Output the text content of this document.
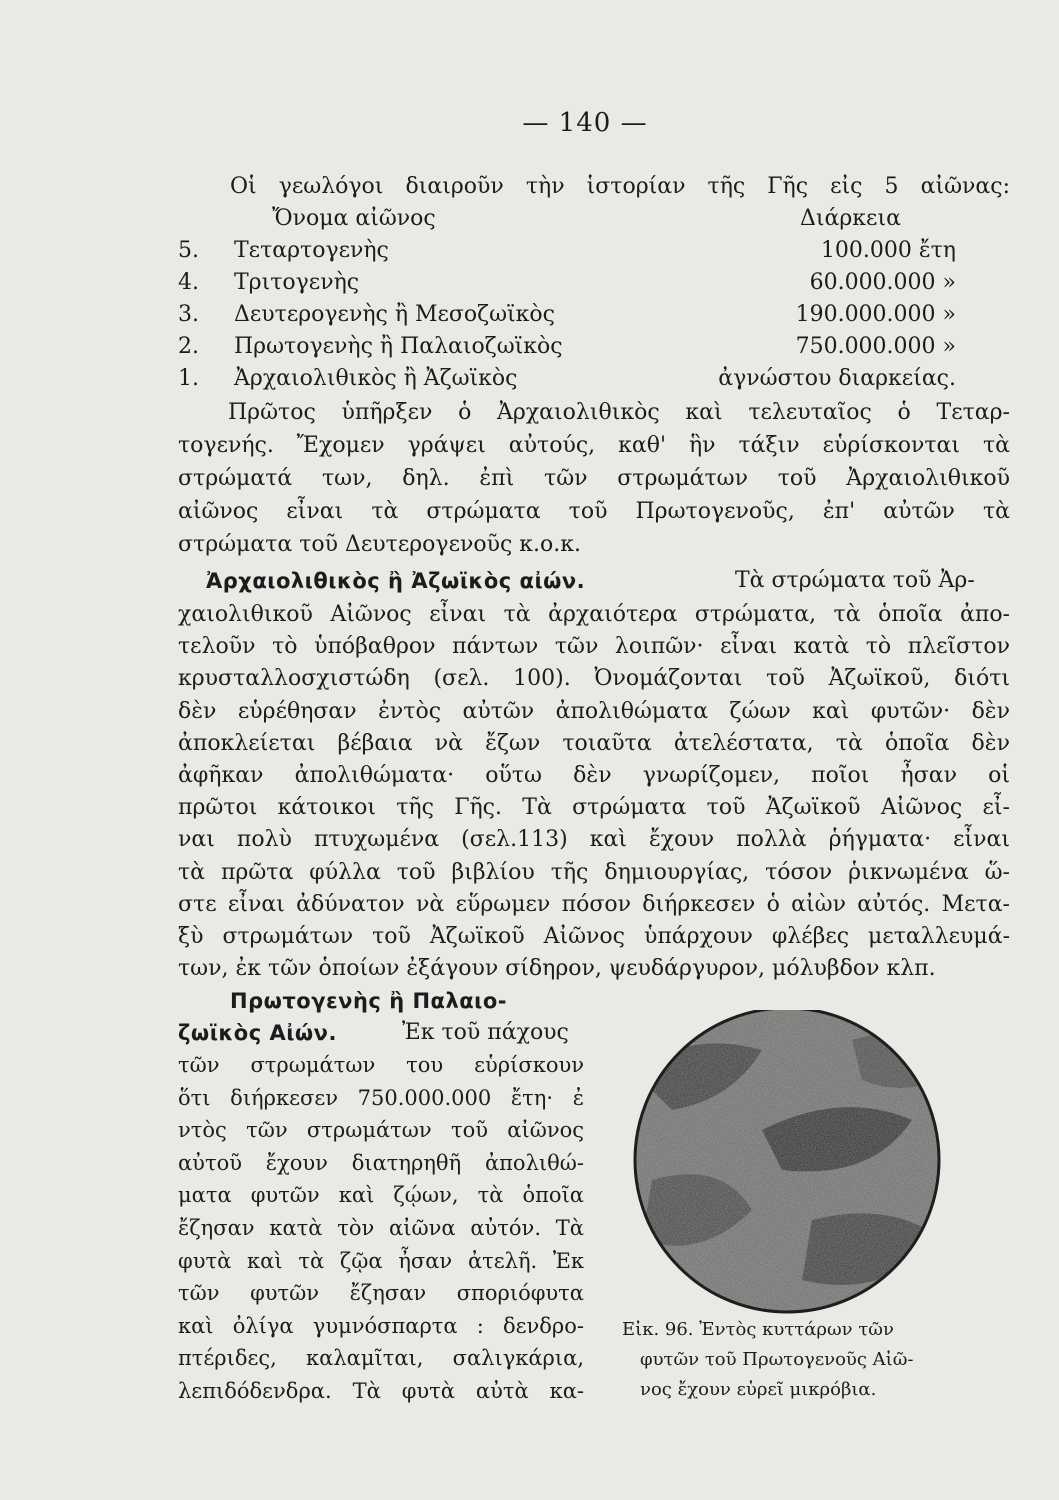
— 140 —
Οἱ γεωλόγοι διαιροῦν τὴν ἱστορίαν τῆς Γῆς εἰς 5 αἰῶνας:
Ὄνομα αἰῶνος	Διάρκεια
5. Τεταρτογενὴς	100.000 ἔτη
4. Τριτογενὴς	60.000.000 »
3. Δευτερογενὴς ἢ Μεσοζωϊκὸς	190.000.000 »
2. Πρωτογενὴς ἢ Παλαιοζωϊκὸς	750.000.000 »
1. Ἀρχαιολιθικὸς ἢ Ἀζωϊκὸς	ἀγνώστου διαρκείας.
Πρῶτος ὑπῆρξεν ὁ Ἀρχαιολιθικὸς καὶ τελευταῖος ὁ Τεταρ-
τογενής. Ἔχομεν γράψει αὐτούς, καθ' ἣν τάξιν εὑρίσκονται τὰ
στρώματά των, δηλ. ἐπὶ τῶν στρωμάτων τοῦ Ἀρχαιολιθικοῦ
αἰῶνος εἶναι τὰ στρώματα τοῦ Πρωτογενοῦς, ἐπ' αὐτῶν τὰ
στρώματα τοῦ Δευτερογενοῦς κ.ο.κ.
Ἀρχαιολιθικὸς ἢ Ἀζωϊκὸς αἰών.	Τὰ στρώματα τοῦ Ἀρ-
χαιολιθικοῦ Αἰῶνος εἶναι τὰ ἀρχαιότερα στρώματα, τὰ ὁποῖα ἀπο-
τελοῦν τὸ ὑπόβαθρον πάντων τῶν λοιπῶν· εἶναι κατὰ τὸ πλεῖστον
κρυσταλλοσχιστώδη (σελ. 100). Ὀνομάζονται τοῦ Ἀζωϊκοῦ, διότι
δὲν εὑρέθησαν ἐντὸς αὐτῶν ἀπολιθώματα ζώων καὶ φυτῶν· δὲν
ἀποκλείεται βέβαια νὰ ἔζων τοιαῦτα ἀτελέστατα, τὰ ὁποῖα δὲν
ἀφῆκαν ἀπολιθώματα· οὕτω δὲν γνωρίζομεν, ποῖοι ἦσαν οἱ
πρῶτοι κάτοικοι τῆς Γῆς. Τὰ στρώματα τοῦ Ἀζωϊκοῦ Αἰῶνος εἶ-
ναι πολὺ πτυχωμένα (σελ.113) καὶ ἔχουν πολλὰ ῥήγματα· εἶναι
τὰ πρῶτα φύλλα τοῦ βιβλίου τῆς δημιουργίας, τόσον ῥικνωμένα ὥ-
στε εἶναι ἀδύνατον νὰ εὕρωμεν πόσον διήρκεσεν ὁ αἰὼν αὐτός. Μετα-
ξὺ στρωμάτων τοῦ Ἀζωϊκοῦ Αἰῶνος ὑπάρχουν φλέβες μεταλλευμά-
των, ἐκ τῶν ὁποίων ἐξάγουν σίδηρον, ψευδάργυρον, μόλυβδον κλπ.
Πρωτογενὴς ἢ Παλαιο-
ζωϊκὸς Αἰών.	Ἐκ τοῦ πάχους
τῶν στρωμάτων του εὑρίσκουν
ὅτι διήρκεσεν 750.000.000 ἔτη· ἐ
ντὸς τῶν στρωμάτων τοῦ αἰῶνος
αὐτοῦ ἔχουν διατηρηθῆ ἀπολιθώ-
ματα φυτῶν καὶ ζῴων, τὰ ὁποῖα
ἔζησαν κατὰ τὸν αἰῶνα αὐτόν. Τὰ
φυτὰ καὶ τὰ ζῷα ἦσαν ἀτελῆ. Ἐκ
τῶν φυτῶν ἔζησαν σποριόφυτα
καὶ ὀλίγα γυμνόσπαρτα : δενδρο-
πτέριδες, καλαμῖται, σαλιγκάρια,
λεπιδόδενδρα. Τὰ φυτὰ αὐτὰ κα-
Εἰκ. 96. Ἐντὸς κυττάρων τῶν
φυτῶν τοῦ Πρωτογενοῦς Αἰῶ-
νος ἔχουν εὑρεῖ μικρόβια.
